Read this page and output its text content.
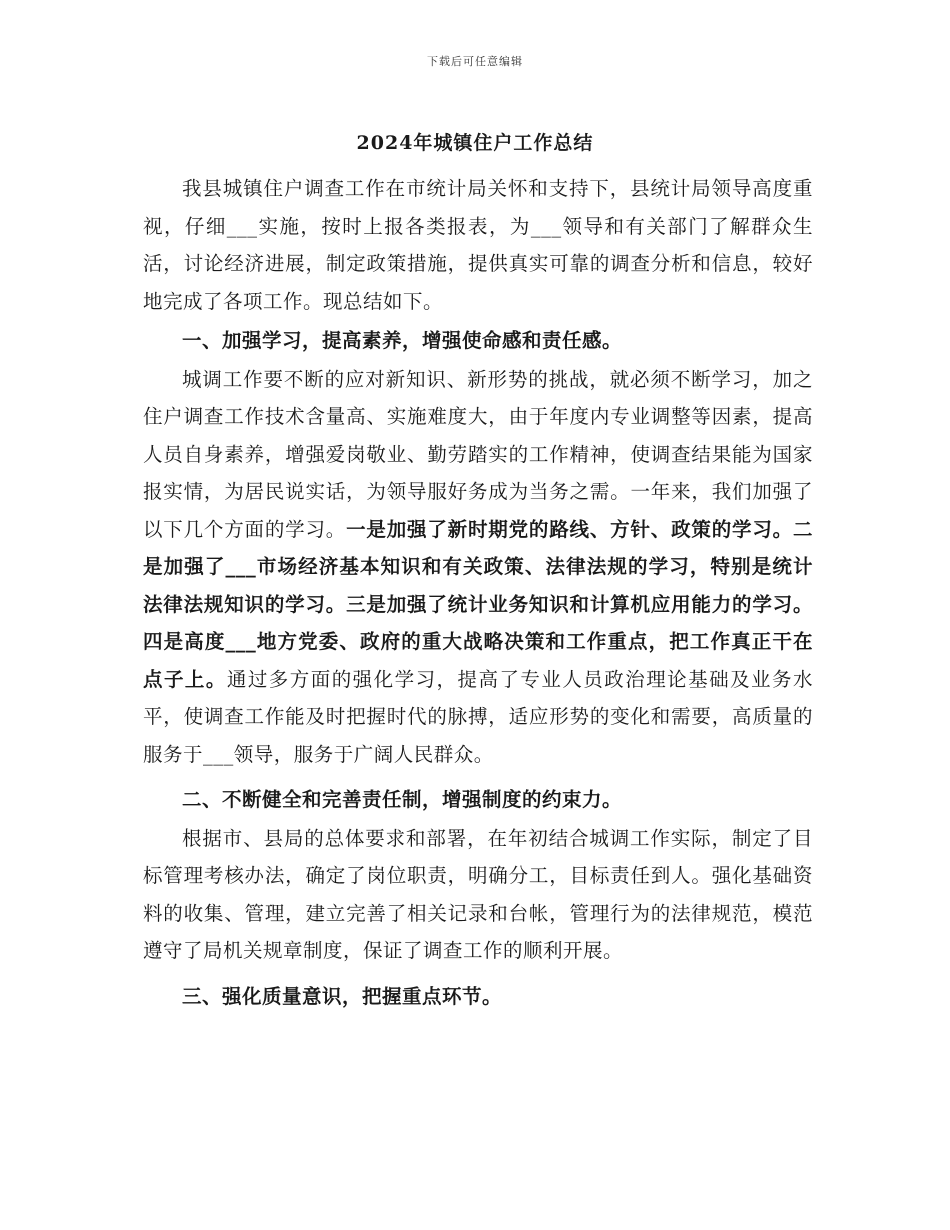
下载后可任意编辑
2024年城镇住户工作总结

我县城镇住户调查工作在市统计局关怀和支持下，县统计局领导高度重视，仔细___实施，按时上报各类报表，为___领导和有关部门了解群众生活，讨论经济进展，制定政策措施，提供真实可靠的调查分析和信息，较好地完成了各项工作。现总结如下。

一、加强学习，提高素养，增强使命感和责任感。

城调工作要不断的应对新知识、新形势的挑战，就必须不断学习，加之住户调查工作技术含量高、实施难度大，由于年度内专业调整等因素，提高人员自身素养，增强爱岗敬业、勤劳踏实的工作精神，使调查结果能为国家报实情，为居民说实话，为领导服好务成为当务之需。一年来，我们加强了以下几个方面的学习。一是加强了新时期党的路线、方针、政策的学习。二是加强了___市场经济基本知识和有关政策、法律法规的学习，特别是统计法律法规知识的学习。三是加强了统计业务知识和计算机应用能力的学习。四是高度___地方党委、政府的重大战略决策和工作重点，把工作真正干在点子上。通过多方面的强化学习，提高了专业人员政治理论基础及业务水平，使调查工作能及时把握时代的脉搏，适应形势的变化和需要，高质量的服务于___领导，服务于广阔人民群众。

二、不断健全和完善责任制，增强制度的约束力。

根据市、县局的总体要求和部署，在年初结合城调工作实际，制定了目标管理考核办法，确定了岗位职责，明确分工，目标责任到人。强化基础资料的收集、管理，建立完善了相关记录和台帐，管理行为的法律规范，模范遵守了局机关规章制度，保证了调查工作的顺利开展。

三、强化质量意识，把握重点环节。
